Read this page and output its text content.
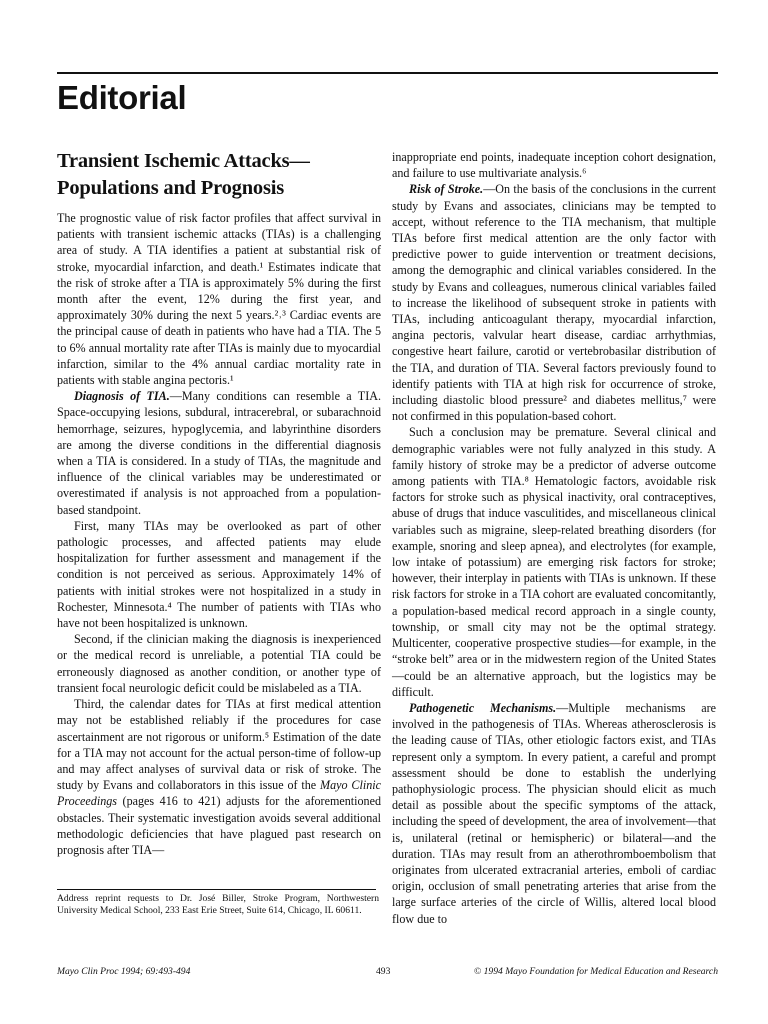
Editorial
Transient Ischemic Attacks—
Populations and Prognosis

The prognostic value of risk factor profiles that affect survival in patients with transient ischemic attacks (TIAs) is a challenging area of study. A TIA identifies a patient at substantial risk of stroke, myocardial infarction, and death.¹ Estimates indicate that the risk of stroke after a TIA is approximately 5% during the first month after the event, 12% during the first year, and approximately 30% during the next 5 years.²˒³ Cardiac events are the principal cause of death in patients who have had a TIA. The 5 to 6% annual mortality rate after TIAs is mainly due to myocardial infarction, similar to the 4% annual cardiac mortality rate in patients with stable angina pectoris.¹

Diagnosis of TIA.—Many conditions can resemble a TIA. Space-occupying lesions, subdural, intracerebral, or subarachnoid hemorrhage, seizures, hypoglycemia, and labyrinthine disorders are among the diverse conditions in the differential diagnosis when a TIA is considered. In a study of TIAs, the magnitude and influence of the clinical variables may be underestimated or overestimated if analysis is not approached from a population-based standpoint.

First, many TIAs may be overlooked as part of other pathologic processes, and affected patients may elude hospitalization for further assessment and management if the condition is not perceived as serious. Approximately 14% of patients with initial strokes were not hospitalized in a study in Rochester, Minnesota.⁴ The number of patients with TIAs who have not been hospitalized is unknown.

Second, if the clinician making the diagnosis is inexperienced or the medical record is unreliable, a potential TIA could be erroneously diagnosed as another condition, or another type of transient focal neurologic deficit could be mislabeled as a TIA.

Third, the calendar dates for TIAs at first medical attention may not be established reliably if the procedures for case ascertainment are not rigorous or uniform.⁵ Estimation of the date for a TIA may not account for the actual person-time of follow-up and may affect analyses of survival data or risk of stroke. The study by Evans and collaborators in this issue of the Mayo Clinic Proceedings (pages 416 to 421) adjusts for the aforementioned obstacles. Their systematic investigation avoids several additional methodologic deficiencies that have plagued past research on prognosis after TIA—

inappropriate end points, inadequate inception cohort designation, and failure to use multivariate analysis.⁶

Risk of Stroke.—On the basis of the conclusions in the current study by Evans and associates, clinicians may be tempted to accept, without reference to the TIA mechanism, that multiple TIAs before first medical attention are the only factor with predictive power to guide intervention or treatment decisions, among the demographic and clinical variables considered. In the study by Evans and colleagues, numerous clinical variables failed to increase the likelihood of subsequent stroke in patients with TIAs, including anticoagulant therapy, myocardial infarction, angina pectoris, valvular heart disease, cardiac arrhythmias, congestive heart failure, carotid or vertebrobasilar distribution of the TIA, and duration of TIA. Several factors previously found to identify patients with TIA at high risk for occurrence of stroke, including diastolic blood pressure² and diabetes mellitus,⁷ were not confirmed in this population-based cohort.

Such a conclusion may be premature. Several clinical and demographic variables were not fully analyzed in this study. A family history of stroke may be a predictor of adverse outcome among patients with TIA.⁸ Hematologic factors, avoidable risk factors for stroke such as physical inactivity, oral contraceptives, abuse of drugs that induce vasculitides, and miscellaneous clinical variables such as migraine, sleep-related breathing disorders (for example, snoring and sleep apnea), and electrolytes (for example, low intake of potassium) are emerging risk factors for stroke; however, their interplay in patients with TIAs is unknown. If these risk factors for stroke in a TIA cohort are evaluated concomitantly, a population-based medical record approach in a single county, township, or small city may not be the optimal strategy. Multicenter, cooperative prospective studies—for example, in the “stroke belt” area or in the midwestern region of the United States—could be an alternative approach, but the logistics may be difficult.

Pathogenetic Mechanisms.—Multiple mechanisms are involved in the pathogenesis of TIAs. Whereas atherosclerosis is the leading cause of TIAs, other etiologic factors exist, and TIAs represent only a symptom. In every patient, a careful and prompt assessment should be done to establish the underlying pathophysiologic process. The physician should elicit as much detail as possible about the specific symptoms of the attack, including the speed of development, the area of involvement—that is, unilateral (retinal or hemispheric) or bilateral—and the duration. TIAs may result from an atherothromboembolism that originates from ulcerated extracranial arteries, emboli of cardiac origin, occlusion of small penetrating arteries that arise from the large surface arteries of the circle of Willis, altered local blood flow due to

Address reprint requests to Dr. José Biller, Stroke Program, Northwestern University Medical School, 233 East Erie Street, Suite 614, Chicago, IL 60611.

Mayo Clin Proc 1994; 69:493-494	493	© 1994 Mayo Foundation for Medical Education and Research
